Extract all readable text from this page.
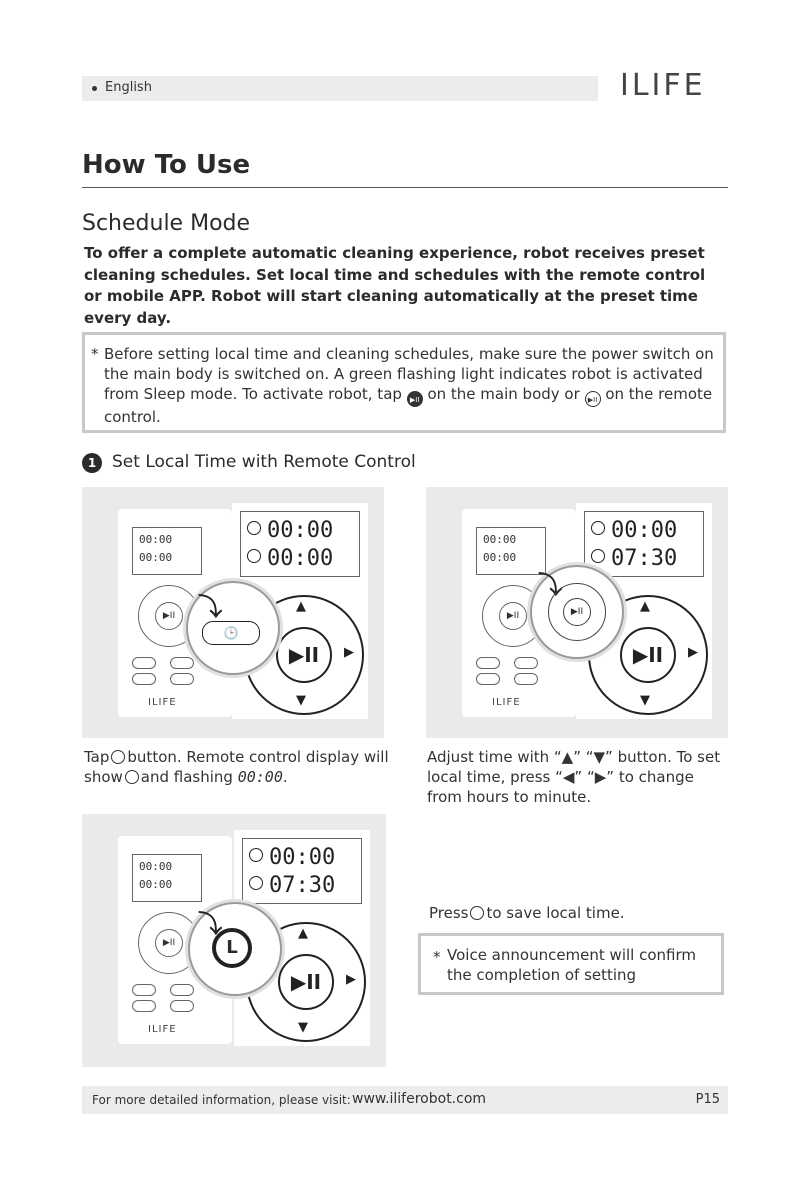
English	ILIFE
How To Use
Schedule Mode
To offer a complete automatic cleaning experience, robot receives preset cleaning schedules. Set local time and schedules with the remote control or mobile APP. Robot will start cleaning automatically at the preset time every day.
* Before setting local time and cleaning schedules, make sure the power switch on the main body is switched on. A green flashing light indicates robot is activated from Sleep mode. To activate robot, tap ▶II on the main body or ▶II on the remote control.
1 Set Local Time with Remote Control
00:00
00:00
▶II
ILIFE
00:00
00:00
▲
▼
▶
▶II
⤵
🕒
00:00
00:00
▶II
ILIFE
00:00
07:30
▲
▼
▶
▶II
⤵
▶II
Tap button. Remote control display will show and flashing 00:00.
Adjust time with “▲” “▼” button. To set local time, press “◀” “▶” to change from hours to minute.
00:00
00:00
▶II
ILIFE
00:00
07:30
▲
▼
▶
▶II
⤵
L
Press to save local time.
* Voice announcement will confirm the completion of setting
For more detailed information, please visit: www.iliferobot.com	P15
